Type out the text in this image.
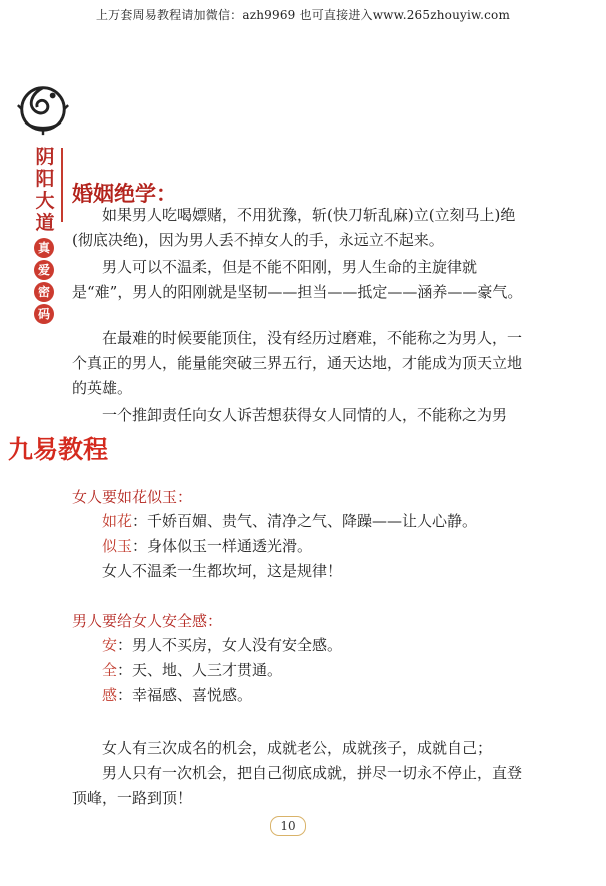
上万套周易教程请加微信：azh9969 也可直接进入www.265zhouyiw.com
阴
阳
大
道
真
爱
密
码
婚姻绝学：

如果男人吃喝嫖赌，不用犹豫，斩(快刀斩乱麻)立(立刻马上)绝(彻底决绝)，因为男人丢不掉女人的手，永远立不起来。

男人可以不温柔，但是不能不阳刚，男人生命的主旋律就是“难”，男人的阳刚就是坚韧——担当——抵定——涵养——豪气。

在最难的时候要能顶住，没有经历过磨难，不能称之为男人，一个真正的男人，能量能突破三界五行，通天达地，才能成为顶天立地的英雄。

一个推卸责任向女人诉苦想获得女人同情的人，不能称之为男

九易教程
女人要如花似玉：
如花：千娇百媚、贵气、清净之气、降躁——让人心静。
似玉：身体似玉一样通透光滑。
女人不温柔一生都坎坷，这是规律！
男人要给女人安全感：
安：男人不买房，女人没有安全感。
全：天、地、人三才贯通。
感：幸福感、喜悦感。

女人有三次成名的机会，成就老公，成就孩子，成就自己；

男人只有一次机会，把自己彻底成就，拼尽一切永不停止，直登顶峰，一路到顶！

10
